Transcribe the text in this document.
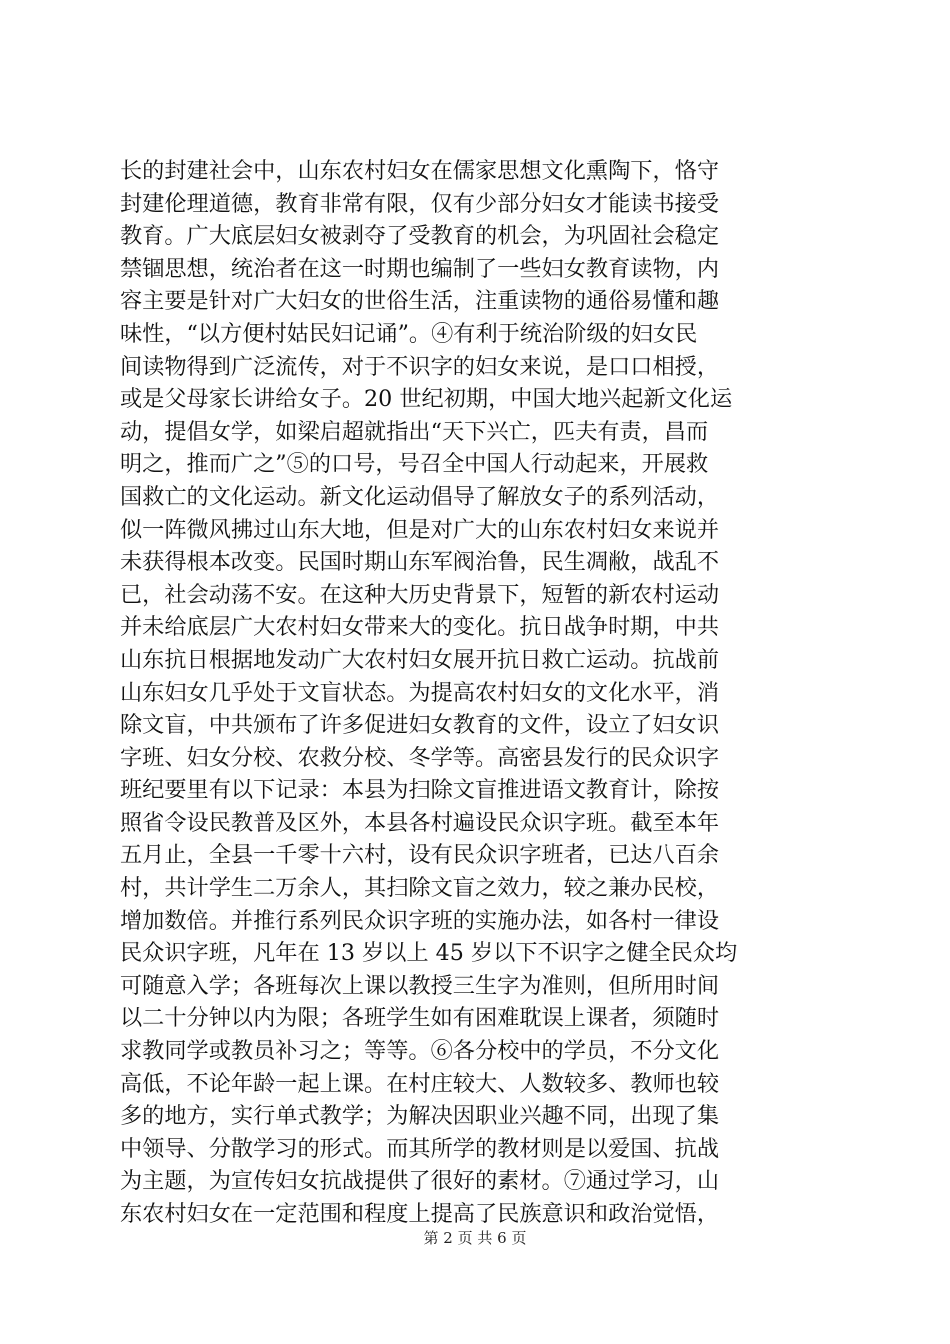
长的封建社会中，山东农村妇女在儒家思想文化熏陶下，恪守
封建伦理道德，教育非常有限，仅有少部分妇女才能读书接受
教育。广大底层妇女被剥夺了受教育的机会，为巩固社会稳定
禁锢思想，统治者在这一时期也编制了一些妇女教育读物，内
容主要是针对广大妇女的世俗生活，注重读物的通俗易懂和趣
味性，“以方便村姑民妇记诵”。④有利于统治阶级的妇女民
间读物得到广泛流传，对于不识字的妇女来说，是口口相授，
或是父母家长讲给女子。20 世纪初期，中国大地兴起新文化运
动，提倡女学，如梁启超就指出“天下兴亡，匹夫有责，昌而
明之，推而广之”⑤的口号，号召全中国人行动起来，开展救
国救亡的文化运动。新文化运动倡导了解放女子的系列活动，
似一阵微风拂过山东大地，但是对广大的山东农村妇女来说并
未获得根本改变。民国时期山东军阀治鲁，民生凋敝，战乱不
已，社会动荡不安。在这种大历史背景下，短暂的新农村运动
并未给底层广大农村妇女带来大的变化。抗日战争时期，中共
山东抗日根据地发动广大农村妇女展开抗日救亡运动。抗战前
山东妇女几乎处于文盲状态。为提高农村妇女的文化水平，消
除文盲，中共颁布了许多促进妇女教育的文件，设立了妇女识
字班、妇女分校、农救分校、冬学等。高密县发行的民众识字
班纪要里有以下记录：本县为扫除文盲推进语文教育计，除按
照省令设民教普及区外，本县各村遍设民众识字班。截至本年
五月止，全县一千零十六村，设有民众识字班者，已达八百余
村，共计学生二万余人，其扫除文盲之效力，较之兼办民校，
增加数倍。并推行系列民众识字班的实施办法，如各村一律设
民众识字班，凡年在 13 岁以上 45 岁以下不识字之健全民众均
可随意入学；各班每次上课以教授三生字为准则，但所用时间
以二十分钟以内为限；各班学生如有困难耽误上课者，须随时
求教同学或教员补习之；等等。⑥各分校中的学员，不分文化
高低，不论年龄一起上课。在村庄较大、人数较多、教师也较
多的地方，实行单式教学；为解决因职业兴趣不同，出现了集
中领导、分散学习的形式。而其所学的教材则是以爱国、抗战
为主题，为宣传妇女抗战提供了很好的素材。⑦通过学习，山
东农村妇女在一定范围和程度上提高了民族意识和政治觉悟，
第 2 页 共 6 页
